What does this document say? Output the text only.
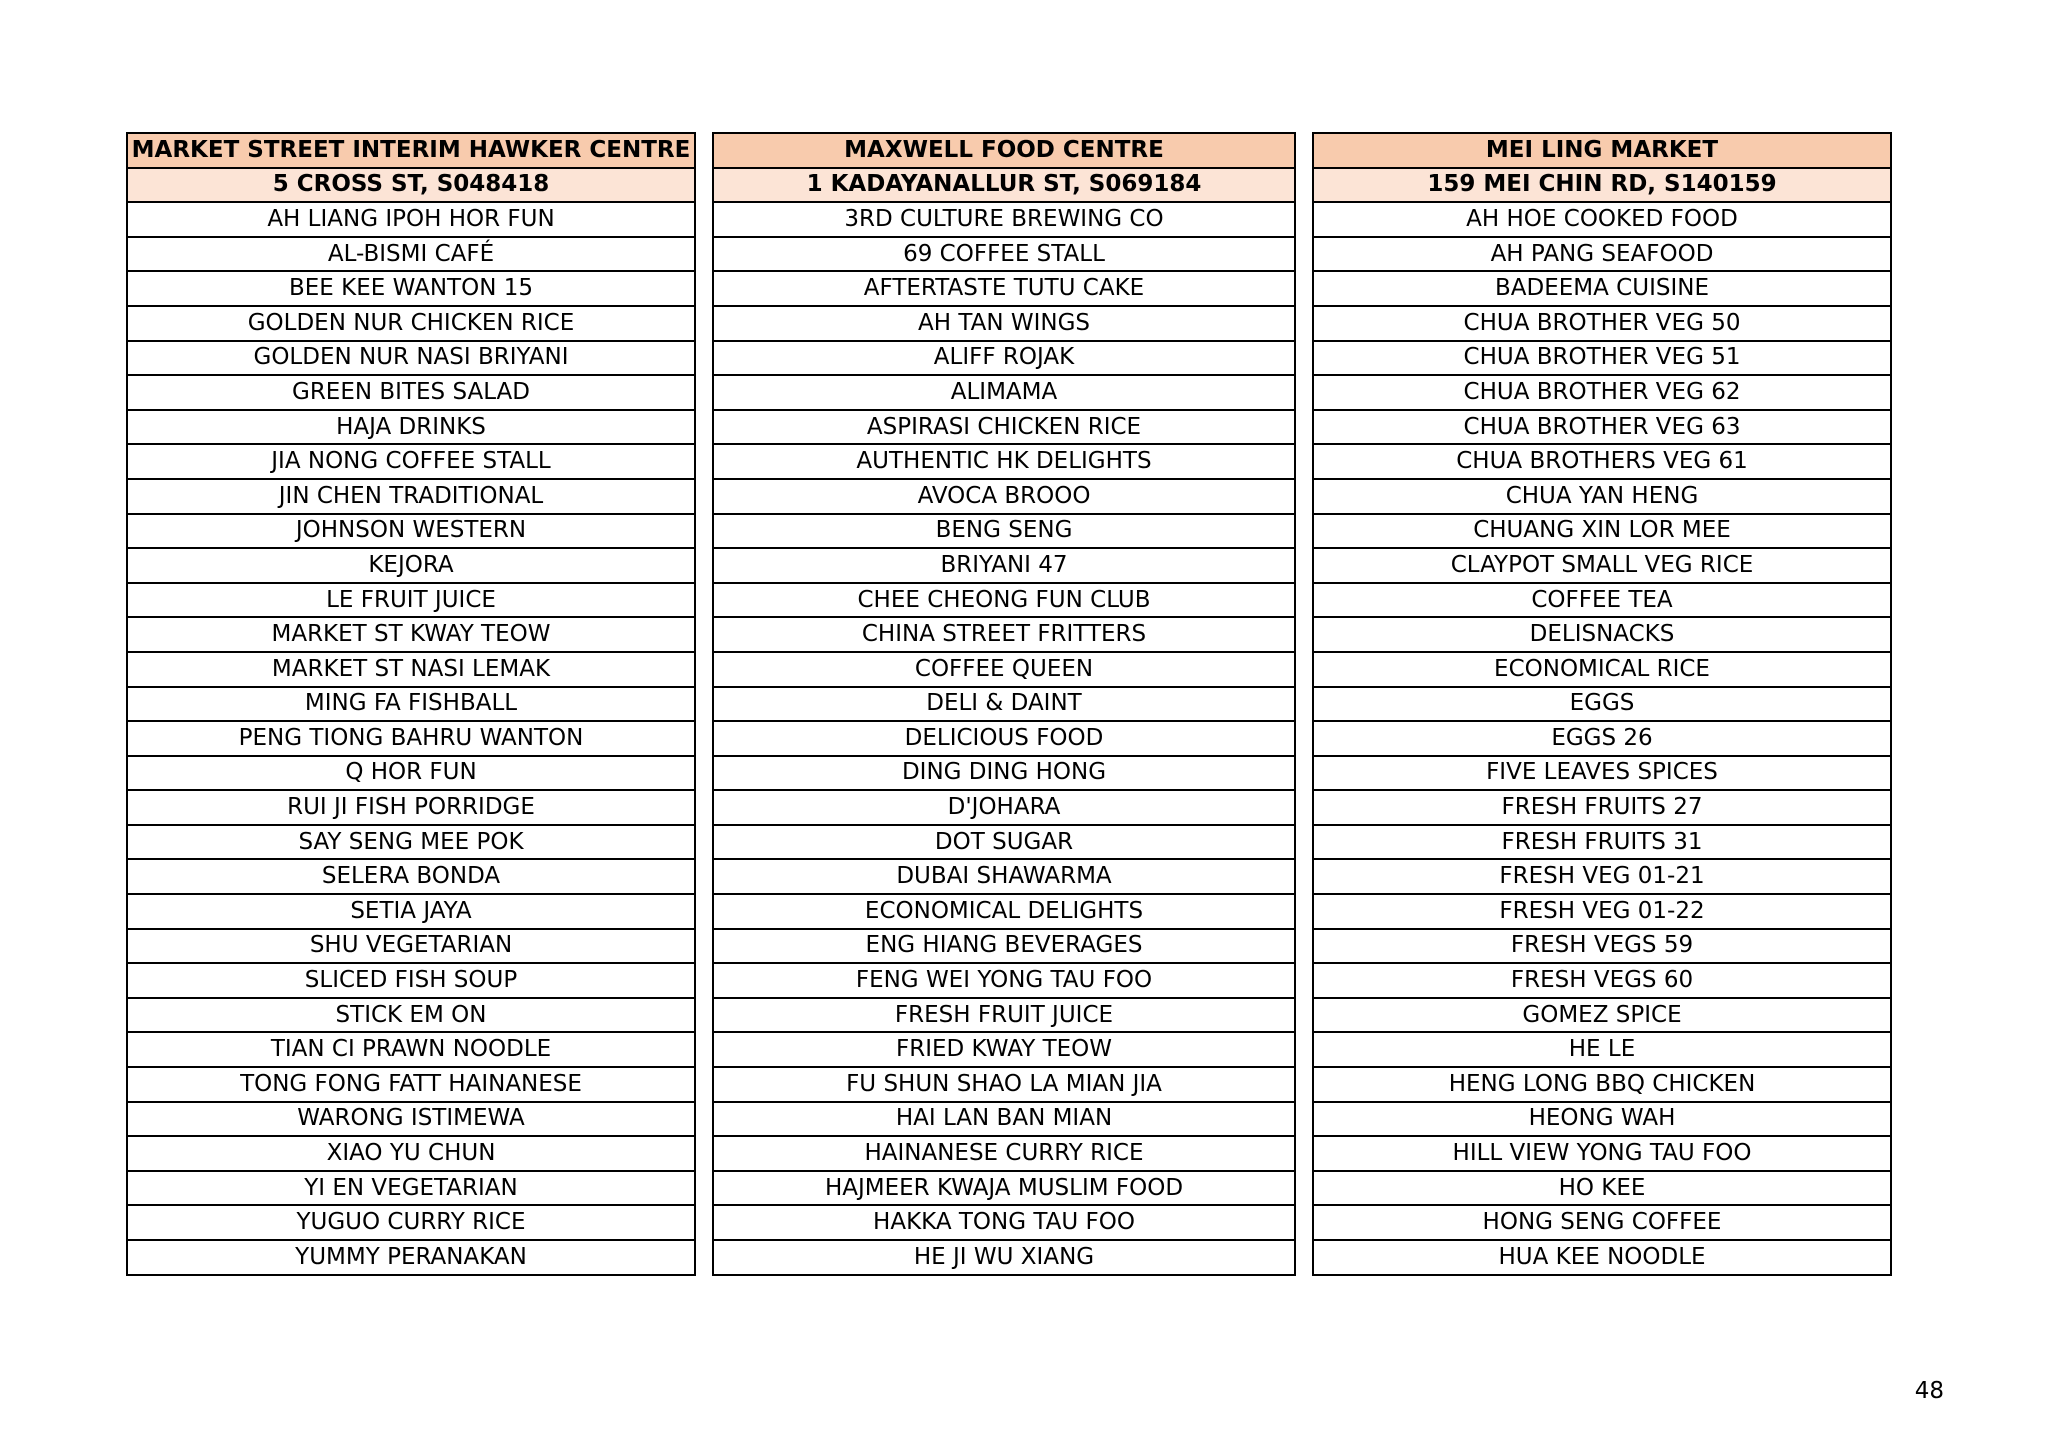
MARKET STREET INTERIM HAWKER CENTRE
5 CROSS ST, S048418
AH LIANG IPOH HOR FUN
AL-BISMI CAFÉ
BEE KEE WANTON 15
GOLDEN NUR CHICKEN RICE
GOLDEN NUR NASI BRIYANI
GREEN BITES SALAD
HAJA DRINKS
JIA NONG COFFEE STALL
JIN CHEN TRADITIONAL
JOHNSON WESTERN
KEJORA
LE FRUIT JUICE
MARKET ST KWAY TEOW
MARKET ST NASI LEMAK
MING FA FISHBALL
PENG TIONG BAHRU WANTON
Q HOR FUN
RUI JI FISH PORRIDGE
SAY SENG MEE POK
SELERA BONDA
SETIA JAYA
SHU VEGETARIAN
SLICED FISH SOUP
STICK EM ON
TIAN CI PRAWN NOODLE
TONG FONG FATT HAINANESE
WARONG ISTIMEWA
XIAO YU CHUN
YI EN VEGETARIAN
YUGUO CURRY RICE
YUMMY PERANAKAN
MAXWELL FOOD CENTRE
1 KADAYANALLUR ST, S069184
3RD CULTURE BREWING CO
69 COFFEE STALL
AFTERTASTE TUTU CAKE
AH TAN WINGS
ALIFF ROJAK
ALIMAMA
ASPIRASI CHICKEN RICE
AUTHENTIC HK DELIGHTS
AVOCA BROOO
BENG SENG
BRIYANI 47
CHEE CHEONG FUN CLUB
CHINA STREET FRITTERS
COFFEE QUEEN
DELI & DAINT
DELICIOUS FOOD
DING DING HONG
D'JOHARA
DOT SUGAR
DUBAI SHAWARMA
ECONOMICAL DELIGHTS
ENG HIANG BEVERAGES
FENG WEI YONG TAU FOO
FRESH FRUIT JUICE
FRIED KWAY TEOW
FU SHUN SHAO LA MIAN JIA
HAI LAN BAN MIAN
HAINANESE CURRY RICE
HAJMEER KWAJA MUSLIM FOOD
HAKKA TONG TAU FOO
HE JI WU XIANG
MEI LING MARKET
159 MEI CHIN RD, S140159
AH HOE COOKED FOOD
AH PANG SEAFOOD
BADEEMA CUISINE
CHUA BROTHER VEG 50
CHUA BROTHER VEG 51
CHUA BROTHER VEG 62
CHUA BROTHER VEG 63
CHUA BROTHERS VEG 61
CHUA YAN HENG
CHUANG XIN LOR MEE
CLAYPOT SMALL VEG RICE
COFFEE TEA
DELISNACKS
ECONOMICAL RICE
EGGS
EGGS 26
FIVE LEAVES SPICES
FRESH FRUITS 27
FRESH FRUITS 31
FRESH VEG 01-21
FRESH VEG 01-22
FRESH VEGS 59
FRESH VEGS 60
GOMEZ SPICE
HE LE
HENG LONG BBQ CHICKEN
HEONG WAH
HILL VIEW YONG TAU FOO
HO KEE
HONG SENG COFFEE
HUA KEE NOODLE
48
